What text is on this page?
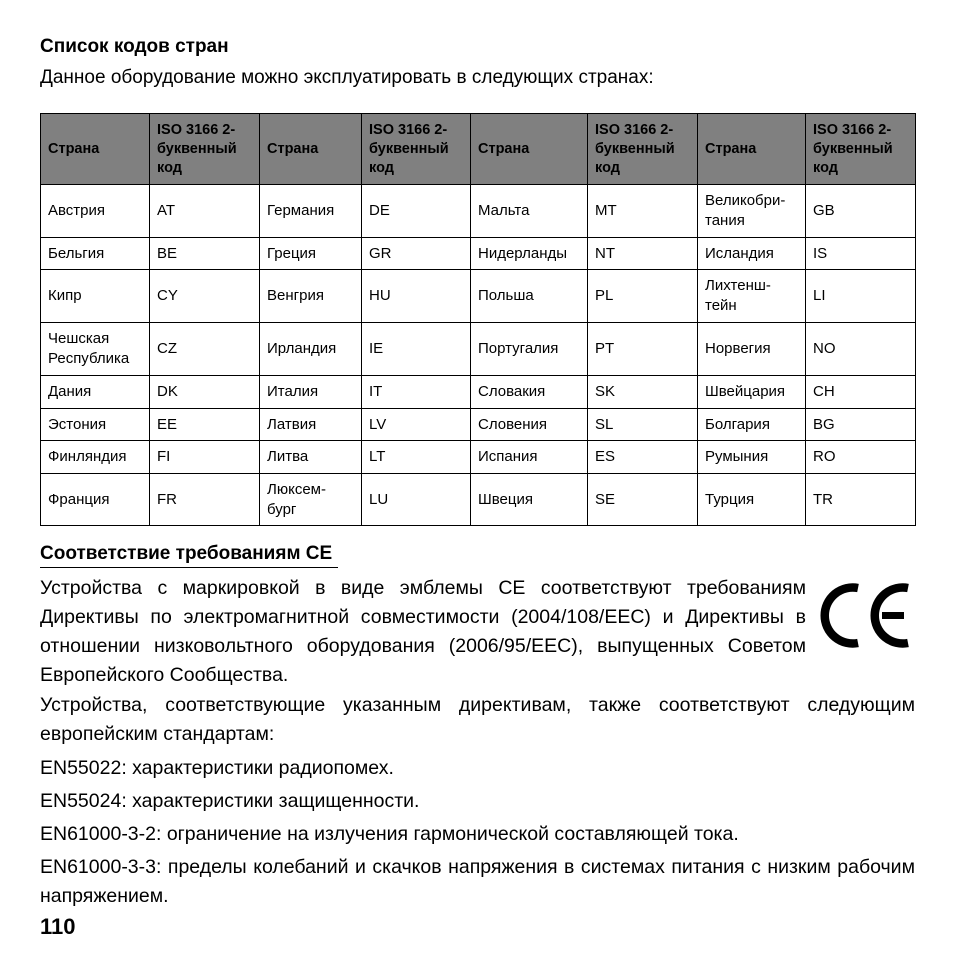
Список кодов стран
Данное оборудование можно эксплуатировать в следующих странах:
Страна	ISO 3166 2-буквенный код	Страна	ISO 3166 2-буквенный код	Страна	ISO 3166 2-буквенный код	Страна	ISO 3166 2-буквенный код
Австрия	AT	Германия	DE	Мальта	MT	Великобри-тания	GB
Бельгия	BE	Греция	GR	Нидерланды	NT	Исландия	IS
Кипр	CY	Венгрия	HU	Польша	PL	Лихтенш-тейн	LI
Чешская Республика	CZ	Ирландия	IE	Португалия	PT	Норвегия	NO
Дания	DK	Италия	IT	Словакия	SK	Швейцария	CH
Эстония	EE	Латвия	LV	Словения	SL	Болгария	BG
Финляндия	FI	Литва	LT	Испания	ES	Румыния	RO
Франция	FR	Люксем-бург	LU	Швеция	SE	Турция	TR
Соответствие требованиям CE
Устройства с маркировкой в виде эмблемы CE соответствуют требованиям Директивы по электромагнитной совместимости (2004/108/EEC) и Директивы в отношении низковольтного оборудования (2006/95/EEC), выпущенных Советом Европейского Сообщества.
Устройства, соответствующие указанным директивам, также соответствуют следующим европейским стандартам:
EN55022: характеристики радиопомех.
EN55024: характеристики защищенности.
EN61000-3-2: ограничение на излучения гармонической составляющей тока.
EN61000-3-3: пределы колебаний и скачков напряжения в системах питания с низким рабочим напряжением.
110
